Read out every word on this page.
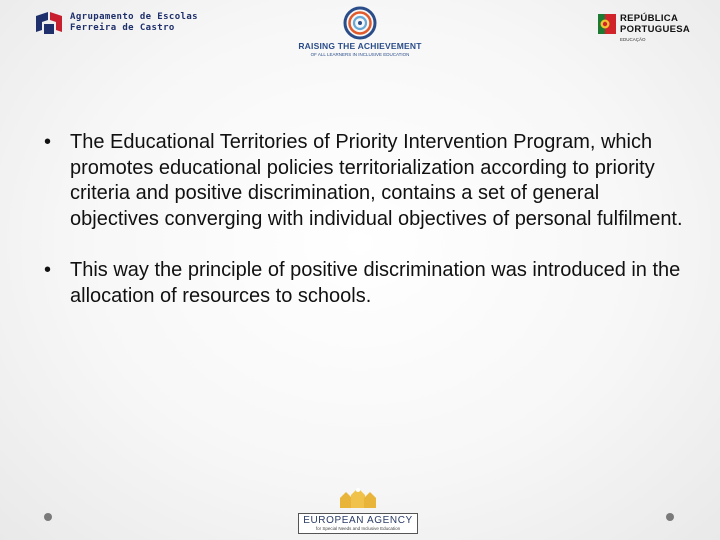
Agrupamento de Escolas
Ferreira de Castro
RAISING THE ACHIEVEMENT
OF ALL LEARNERS IN INCLUSIVE EDUCATION
REPÚBLICA
PORTUGUESA
EDUCAÇÃO
• The Educational Territories of Priority Intervention Program, which promotes educational policies territorialization according to priority criteria and positive discrimination, contains a set of general objectives converging with individual objectives of personal fulfilment.
• This way the principle of positive discrimination was introduced in the allocation of resources to schools.
EUROPEAN AGENCY
for Special Needs and Inclusive Education
